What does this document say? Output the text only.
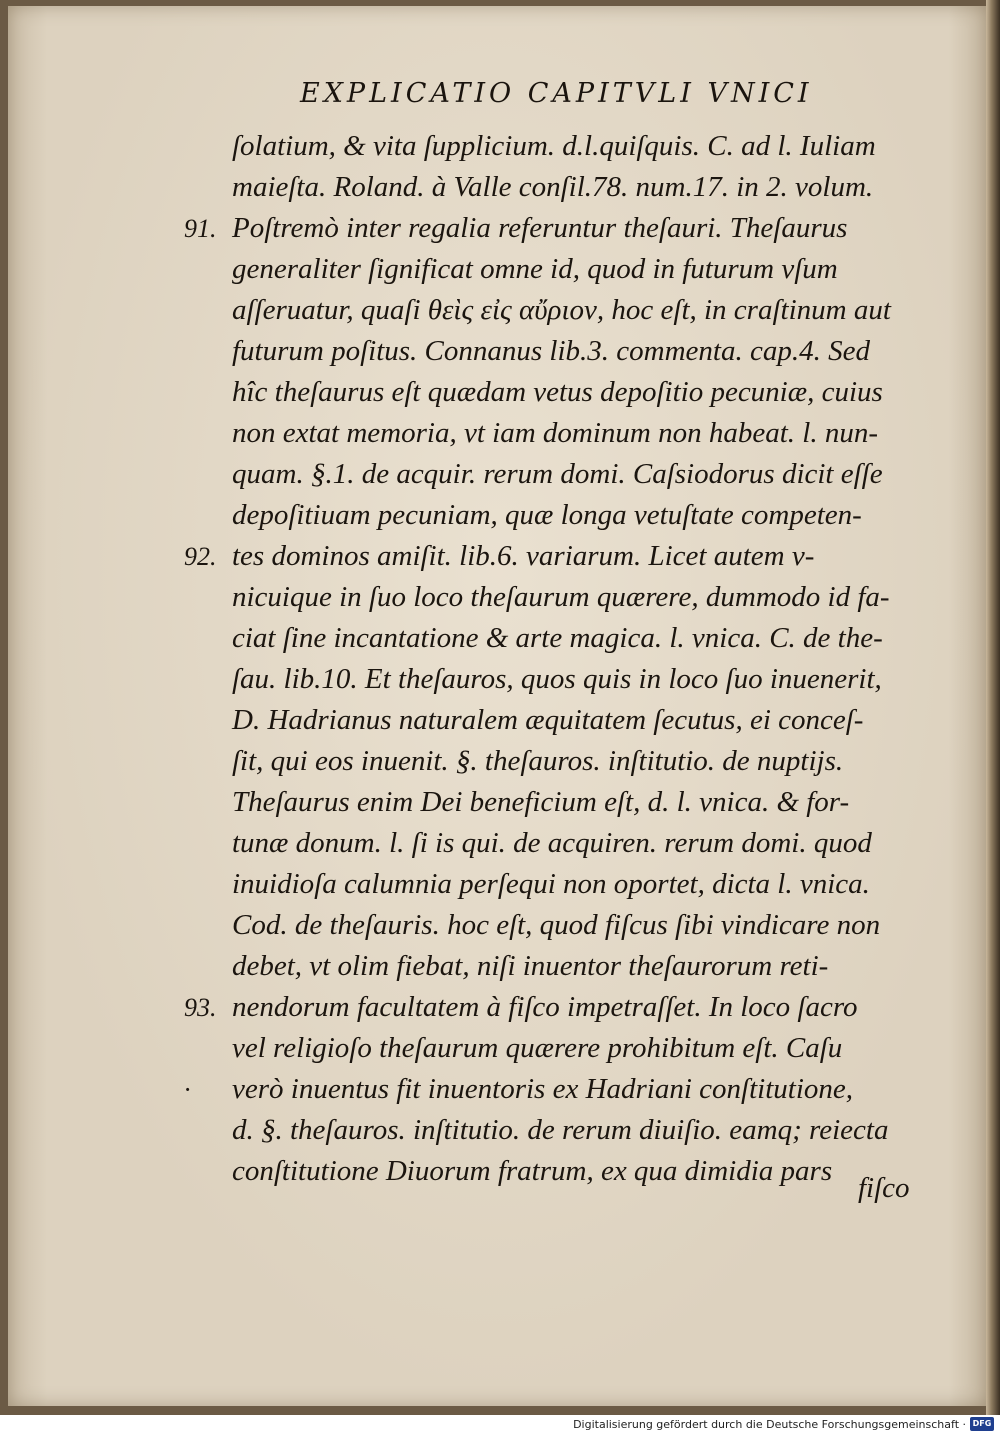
EXPLICATIO CAPITVLI VNICI
ſolatium, & vita ſupplicium. d.l.quiſquis. C. ad l. Iuliam
maieſta. Roland. à Valle conſil.78. num.17. in 2. volum.
91. Poſtremò inter regalia referuntur theſauri. Theſaurus
generaliter ſignificat omne id, quod in futurum vſum
aſſeruatur, quaſi θεὶς εἰς αὔριον, hoc eſt, in craſtinum aut
futurum poſitus. Connanus lib.3. commenta. cap.4. Sed
hîc theſaurus eſt quædam vetus depoſitio pecuniæ, cuius
non extat memoria, vt iam dominum non habeat. l. nun-
quam. §.1. de acquir. rerum domi. Caſsiodorus dicit eſſe
depoſitiuam pecuniam, quæ longa vetuſtate competen-
92. tes dominos amiſit. lib.6. variarum. Licet autem v-
nicuique in ſuo loco theſaurum quærere, dummodo id fa-
ciat ſine incantatione & arte magica. l. vnica. C. de the-
ſau. lib.10. Et theſauros, quos quis in loco ſuo inuenerit,
D. Hadrianus naturalem æquitatem ſecutus, ei conceſ-
ſit, qui eos inuenit. §. theſauros. inſtitutio. de nuptijs.
Theſaurus enim Dei beneficium eſt, d. l. vnica. & for-
tunæ donum. l. ſi is qui. de acquiren. rerum domi. quod
inuidioſa calumnia perſequi non oportet, dicta l. vnica.
Cod. de theſauris. hoc eſt, quod fiſcus ſibi vindicare non
debet, vt olim fiebat, niſi inuentor theſaurorum reti-
93. nendorum facultatem à fiſco impetraſſet. In loco ſacro
vel religioſo theſaurum quærere prohibitum eſt. Caſu
· verò inuentus fit inuentoris ex Hadriani conſtitutione,
d. §. theſauros. inſtitutio. de rerum diuiſio. eamq; reiecta
conſtitutione Diuorum fratrum, ex qua dimidia pars
fiſco
Digitalisierung gefördert durch die Deutsche Forschungsgemeinschaft · DFG
